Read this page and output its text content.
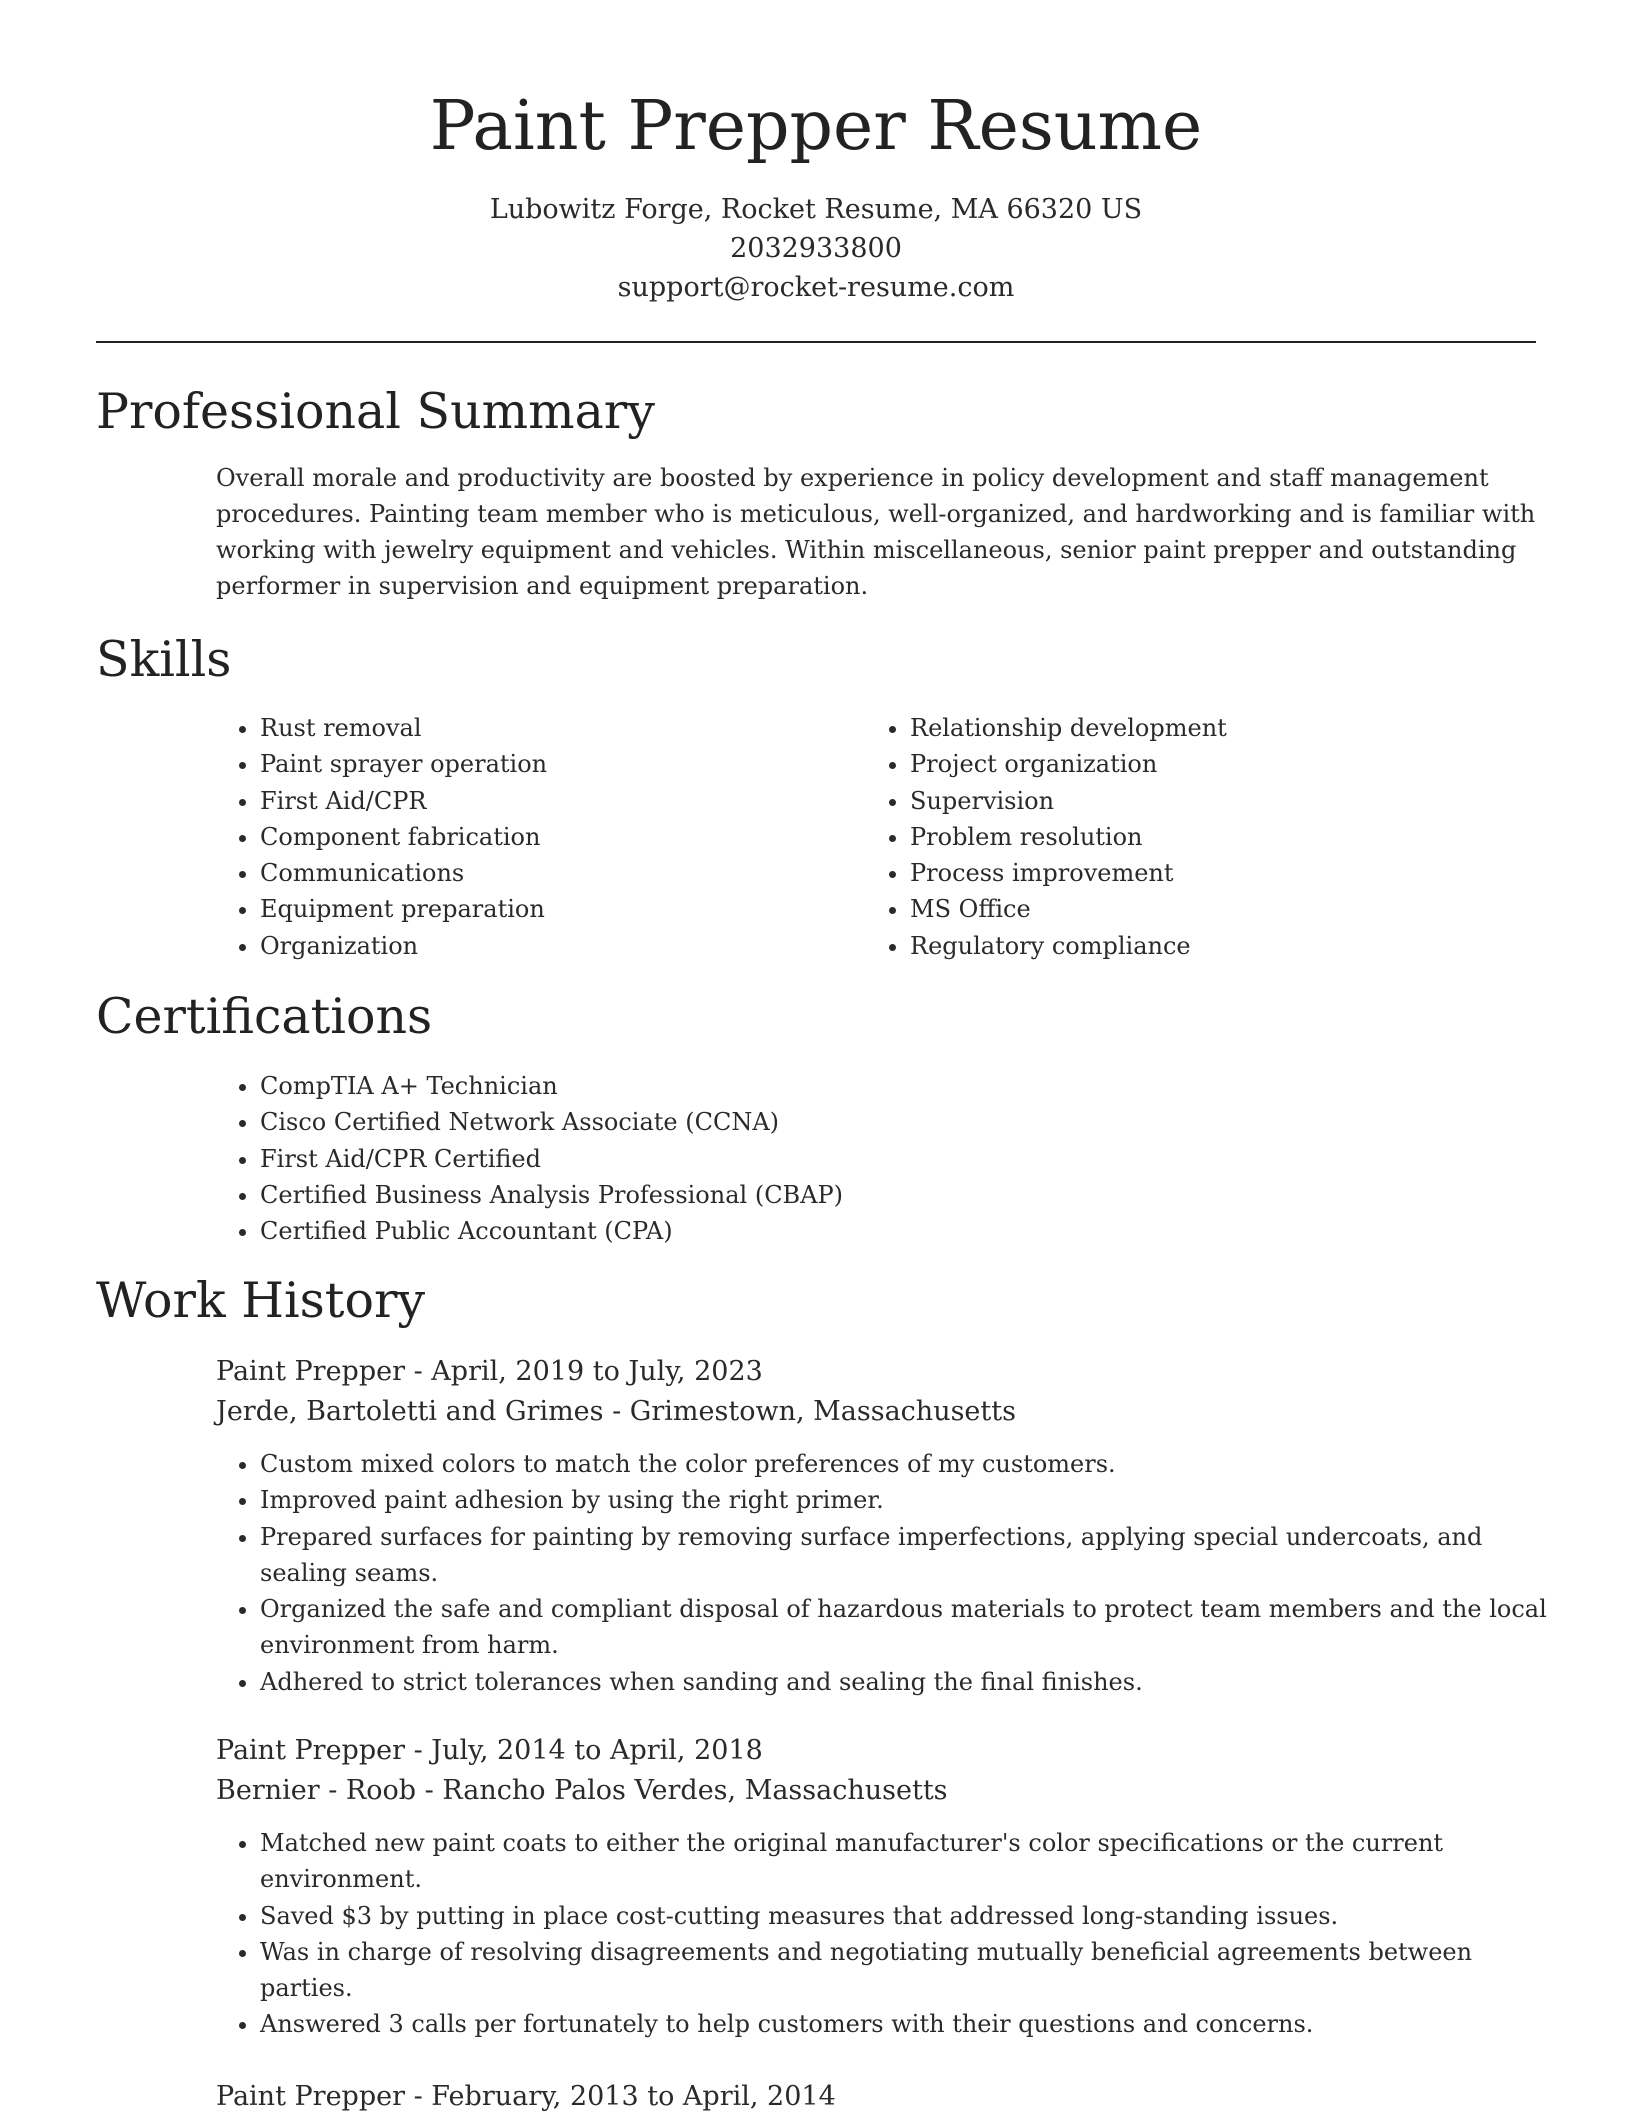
Paint Prepper Resume
Lubowitz Forge, Rocket Resume, MA 66320 US
2032933800
support@rocket-resume.com
Professional Summary

Overall morale and productivity are boosted by experience in policy development and staff management procedures. Painting team member who is meticulous, well-organized, and hardworking and is familiar with working with jewelry equipment and vehicles. Within miscellaneous, senior paint prepper and outstanding performer in supervision and equipment preparation.

Skills
• Rust removal
• Paint sprayer operation
• First Aid/CPR
• Component fabrication
• Communications
• Equipment preparation
• Organization
• Relationship development
• Project organization
• Supervision
• Problem resolution
• Process improvement
• MS Office
• Regulatory compliance
Certifications
• CompTIA A+ Technician
• Cisco Certified Network Associate (CCNA)
• First Aid/CPR Certified
• Certified Business Analysis Professional (CBAP)
• Certified Public Accountant (CPA)
Work History
Paint Prepper - April, 2019 to July, 2023
Jerde, Bartoletti and Grimes - Grimestown, Massachusetts
• Custom mixed colors to match the color preferences of my customers.
• Improved paint adhesion by using the right primer.
• Prepared surfaces for painting by removing surface imperfections, applying special undercoats, and sealing seams.
• Organized the safe and compliant disposal of hazardous materials to protect team members and the local environment from harm.
• Adhered to strict tolerances when sanding and sealing the final finishes.
Paint Prepper - July, 2014 to April, 2018
Bernier - Roob - Rancho Palos Verdes, Massachusetts
• Matched new paint coats to either the original manufacturer's color specifications or the current environment.
• Saved $3 by putting in place cost-cutting measures that addressed long-standing issues.
• Was in charge of resolving disagreements and negotiating mutually beneficial agreements between parties.
• Answered 3 calls per fortunately to help customers with their questions and concerns.
Paint Prepper - February, 2013 to April, 2014
